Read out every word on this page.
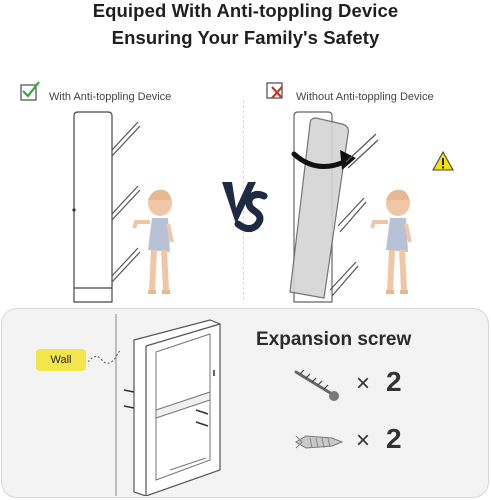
Equiped With Anti-toppling Device
Ensuring Your Family's Safety
With Anti-toppling Device	Without Anti-toppling Device
Wall
Expansion screw
× 2
× 2
